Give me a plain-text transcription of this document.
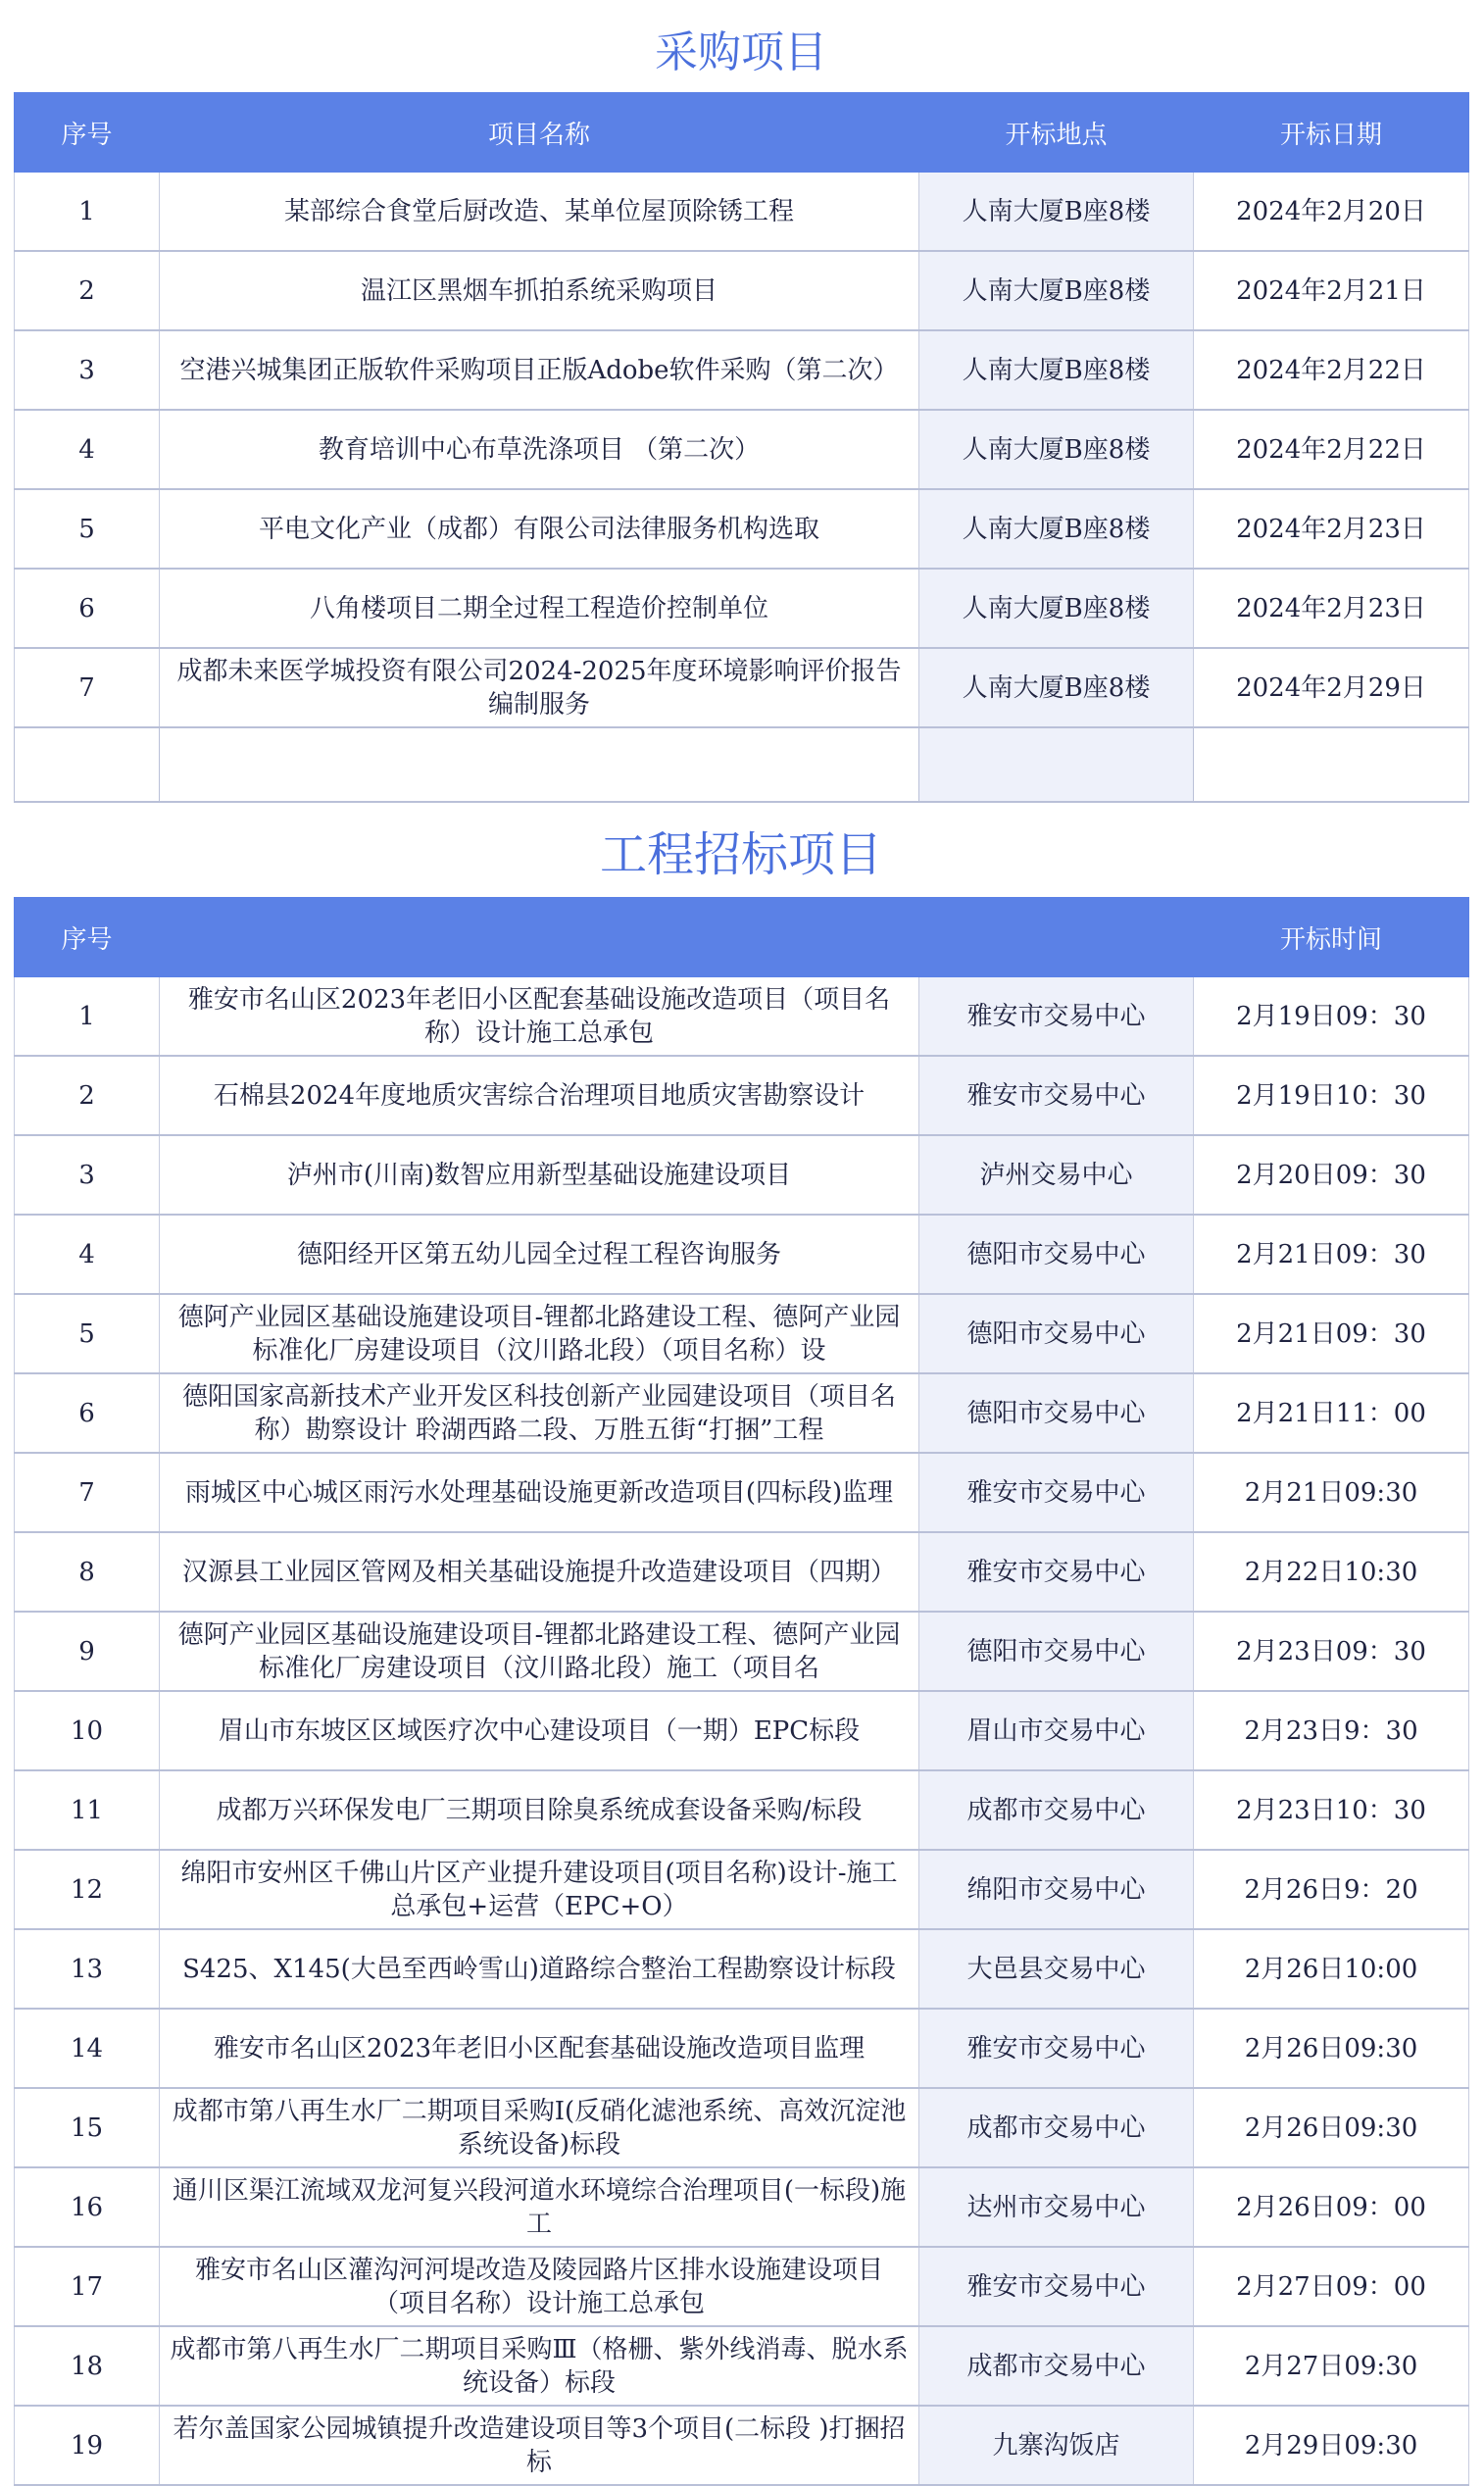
采购项目
序号	项目名称	开标地点	开标日期
1	某部综合食堂后厨改造、某单位屋顶除锈工程	人南大厦B座8楼	2024年2月20日
2	温江区黑烟车抓拍系统采购项目	人南大厦B座8楼	2024年2月21日
3	空港兴城集团正版软件采购项目正版Adobe软件采购（第二次）	人南大厦B座8楼	2024年2月22日
4	教育培训中心布草洗涤项目 （第二次）	人南大厦B座8楼	2024年2月22日
5	平电文化产业（成都）有限公司法律服务机构选取	人南大厦B座8楼	2024年2月23日
6	八角楼项目二期全过程工程造价控制单位	人南大厦B座8楼	2024年2月23日
7	成都未来医学城投资有限公司2024-2025年度环境影响评价报告编制服务	人南大厦B座8楼	2024年2月29日

工程招标项目
序号			开标时间
1	雅安市名山区2023年老旧小区配套基础设施改造项目（项目名称）设计施工总承包	雅安市交易中心	2月19日09：30
2	石棉县2024年度地质灾害综合治理项目地质灾害勘察设计	雅安市交易中心	2月19日10：30
3	泸州市(川南)数智应用新型基础设施建设项目	泸州交易中心	2月20日09：30
4	德阳经开区第五幼儿园全过程工程咨询服务	德阳市交易中心	2月21日09：30
5	德阿产业园区基础设施建设项目-锂都北路建设工程、德阿产业园标准化厂房建设项目（汶川路北段）（项目名称）设	德阳市交易中心	2月21日09：30
6	德阳国家高新技术产业开发区科技创新产业园建设项目（项目名称）勘察设计 聆湖西路二段、万胜五街“打捆”工程	德阳市交易中心	2月21日11：00
7	雨城区中心城区雨污水处理基础设施更新改造项目(四标段)监理	雅安市交易中心	2月21日09:30
8	汉源县工业园区管网及相关基础设施提升改造建设项目（四期）	雅安市交易中心	2月22日10:30
9	德阿产业园区基础设施建设项目-锂都北路建设工程、德阿产业园标准化厂房建设项目（汶川路北段）施工（项目名	德阳市交易中心	2月23日09：30
10	眉山市东坡区区域医疗次中心建设项目（一期）EPC标段	眉山市交易中心	2月23日9：30
11	成都万兴环保发电厂三期项目除臭系统成套设备采购/标段	成都市交易中心	2月23日10：30
12	绵阳市安州区千佛山片区产业提升建设项目(项目名称)设计-施工总承包+运营（EPC+O）	绵阳市交易中心	2月26日9：20
13	S425、X145(大邑至西岭雪山)道路综合整治工程勘察设计标段	大邑县交易中心	2月26日10:00
14	雅安市名山区2023年老旧小区配套基础设施改造项目监理	雅安市交易中心	2月26日09:30
15	成都市第八再生水厂二期项目采购Ⅰ(反硝化滤池系统、高效沉淀池系统设备)标段	成都市交易中心	2月26日09:30
16	通川区渠江流域双龙河复兴段河道水环境综合治理项目(一标段)施工	达州市交易中心	2月26日09：00
17	雅安市名山区灌沟河河堤改造及陵园路片区排水设施建设项目 （项目名称）设计施工总承包	雅安市交易中心	2月27日09：00
18	成都市第八再生水厂二期项目采购Ⅲ（格栅、紫外线消毒、脱水系统设备）标段	成都市交易中心	2月27日09:30
19	若尔盖国家公园城镇提升改造建设项目等3个项目(二标段 )打捆招标	九寨沟饭店	2月29日09:30
